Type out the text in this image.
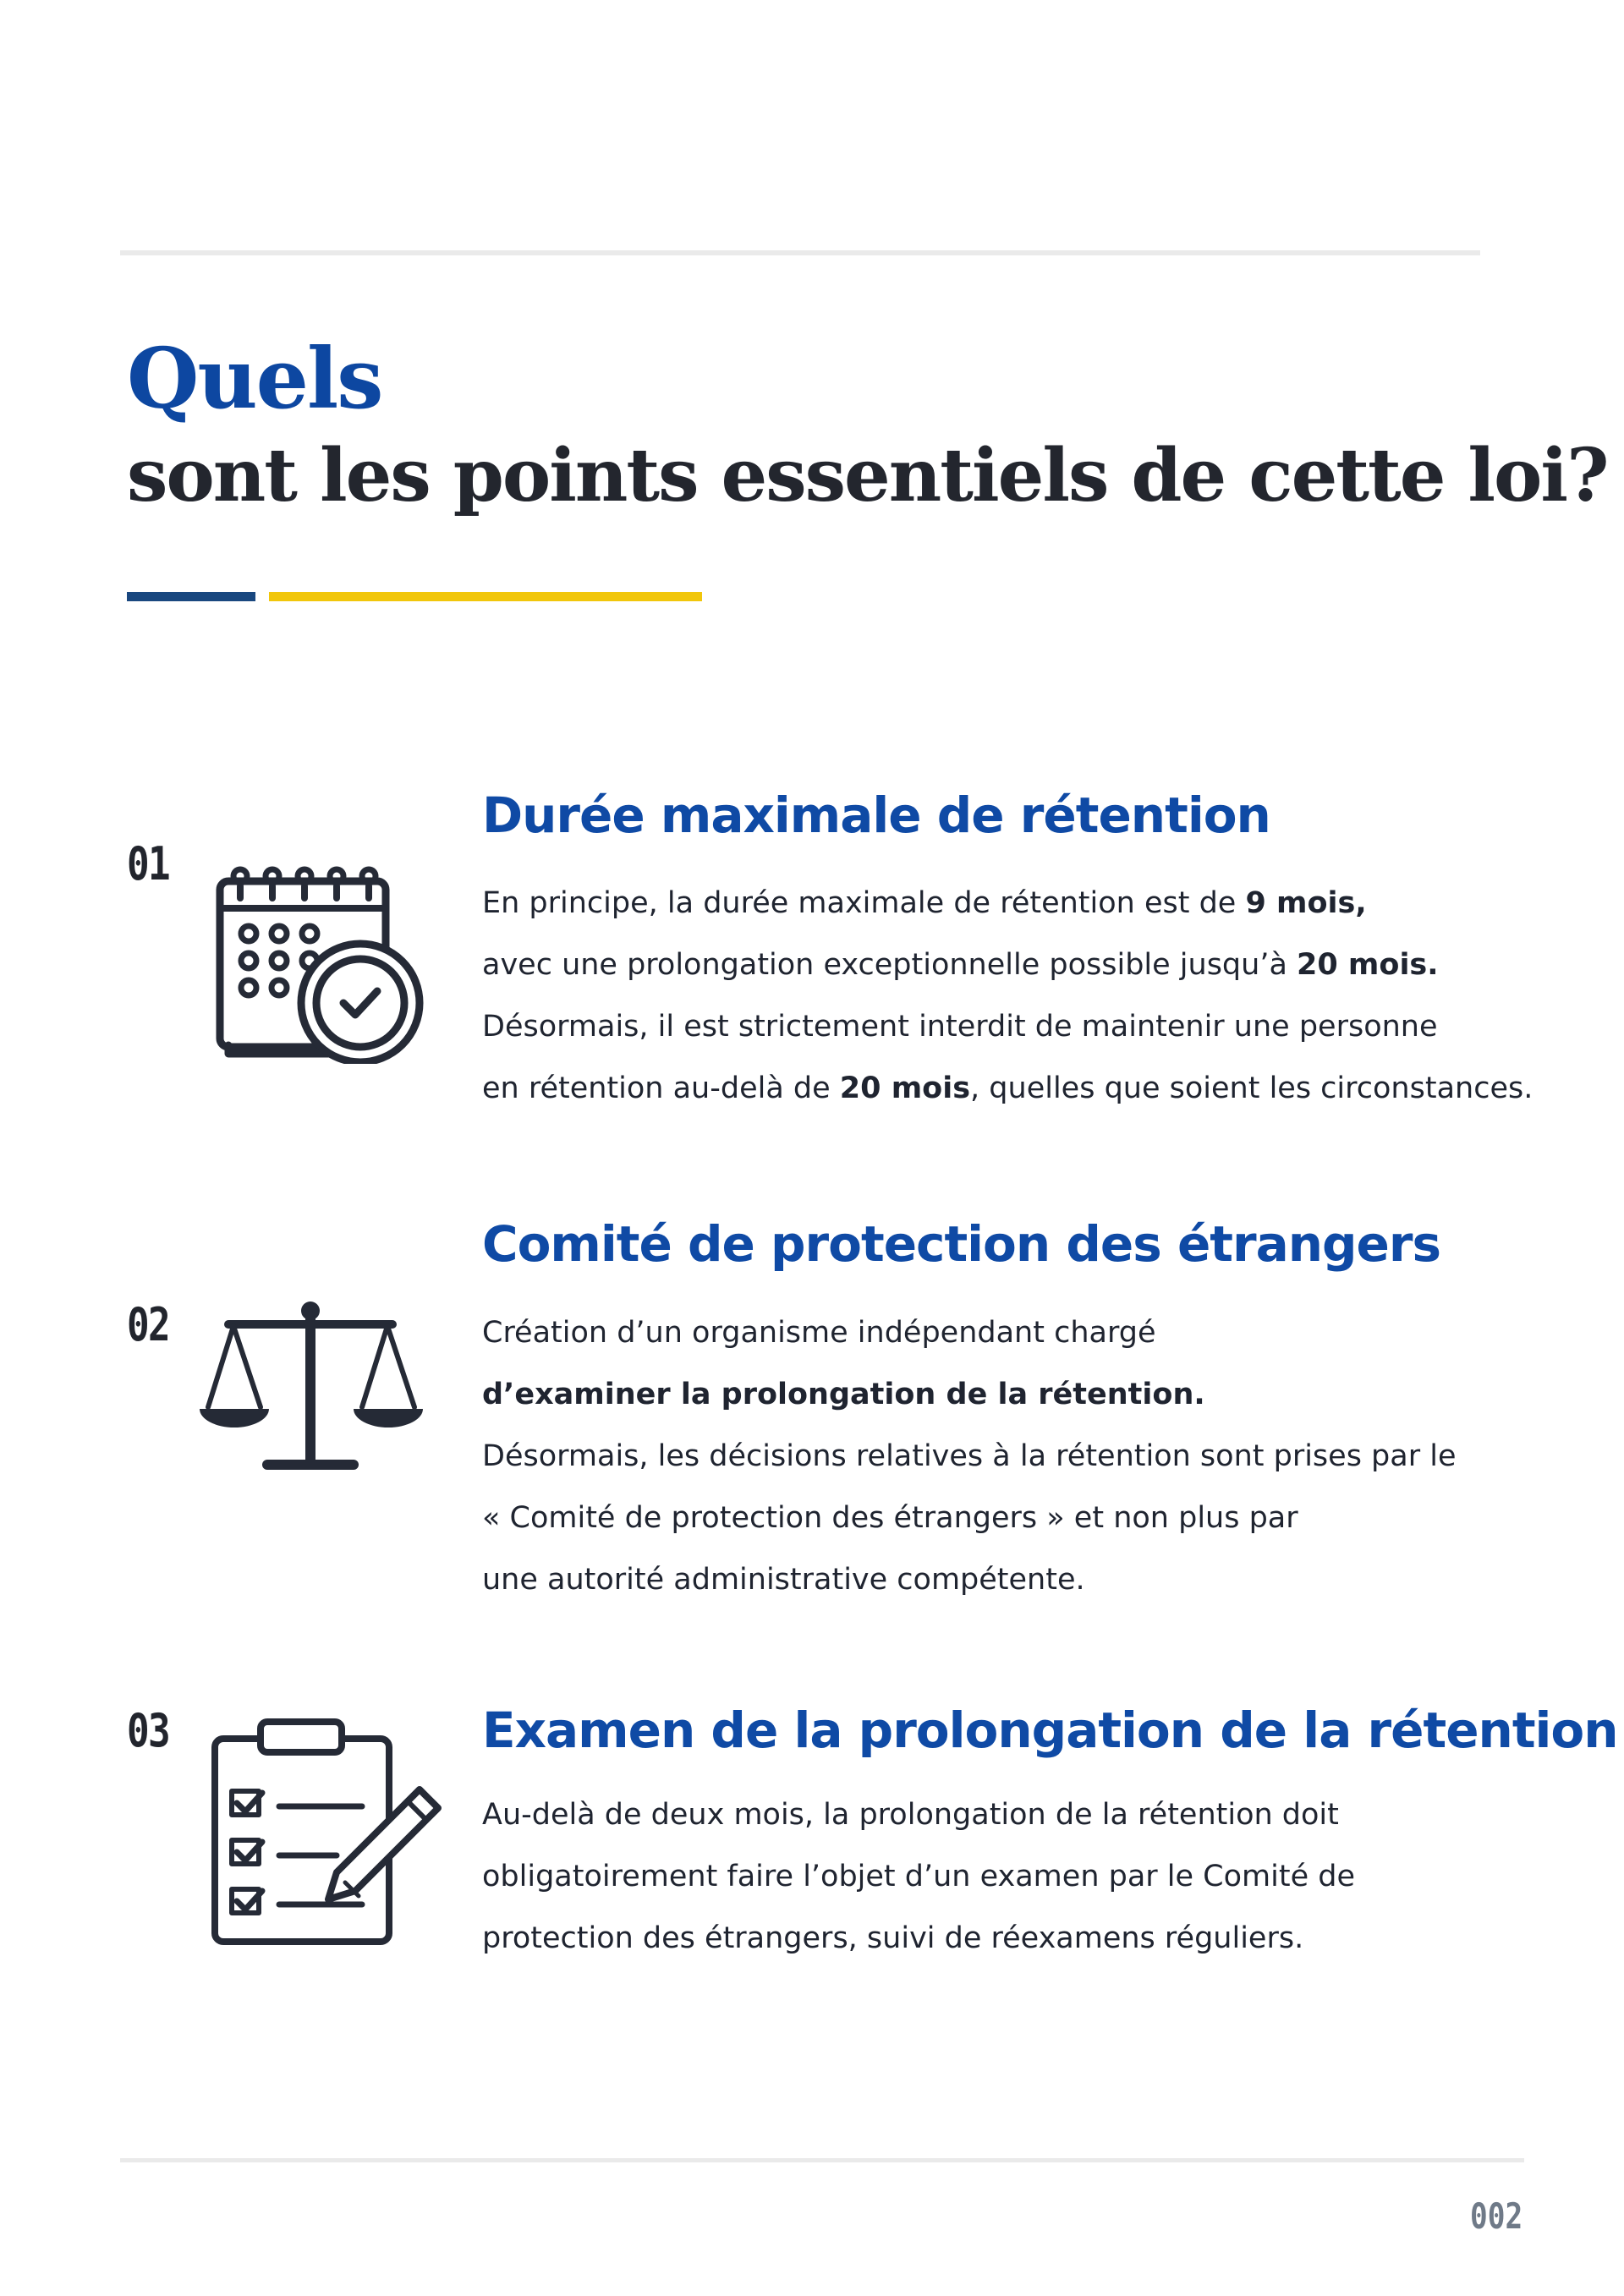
Quels
sont les points essentiels de cette loi?
01
Durée maximale de rétention
En principe, la durée maximale de rétention est de 9 mois,
avec une prolongation exceptionnelle possible jusqu’à 20 mois.
Désormais, il est strictement interdit de maintenir une personne
en rétention au-delà de 20 mois, quelles que soient les circonstances.
02
Comité de protection des étrangers
Création d’un organisme indépendant chargé
d’examiner la prolongation de la rétention.
Désormais, les décisions relatives à la rétention sont prises par le
« Comité de protection des étrangers » et non plus par
une autorité administrative compétente.
03	Examen de la prolongation de la rétention
Au-delà de deux mois, la prolongation de la rétention doit
obligatoirement faire l’objet d’un examen par le Comité de
protection des étrangers, suivi de réexamens réguliers.
002
